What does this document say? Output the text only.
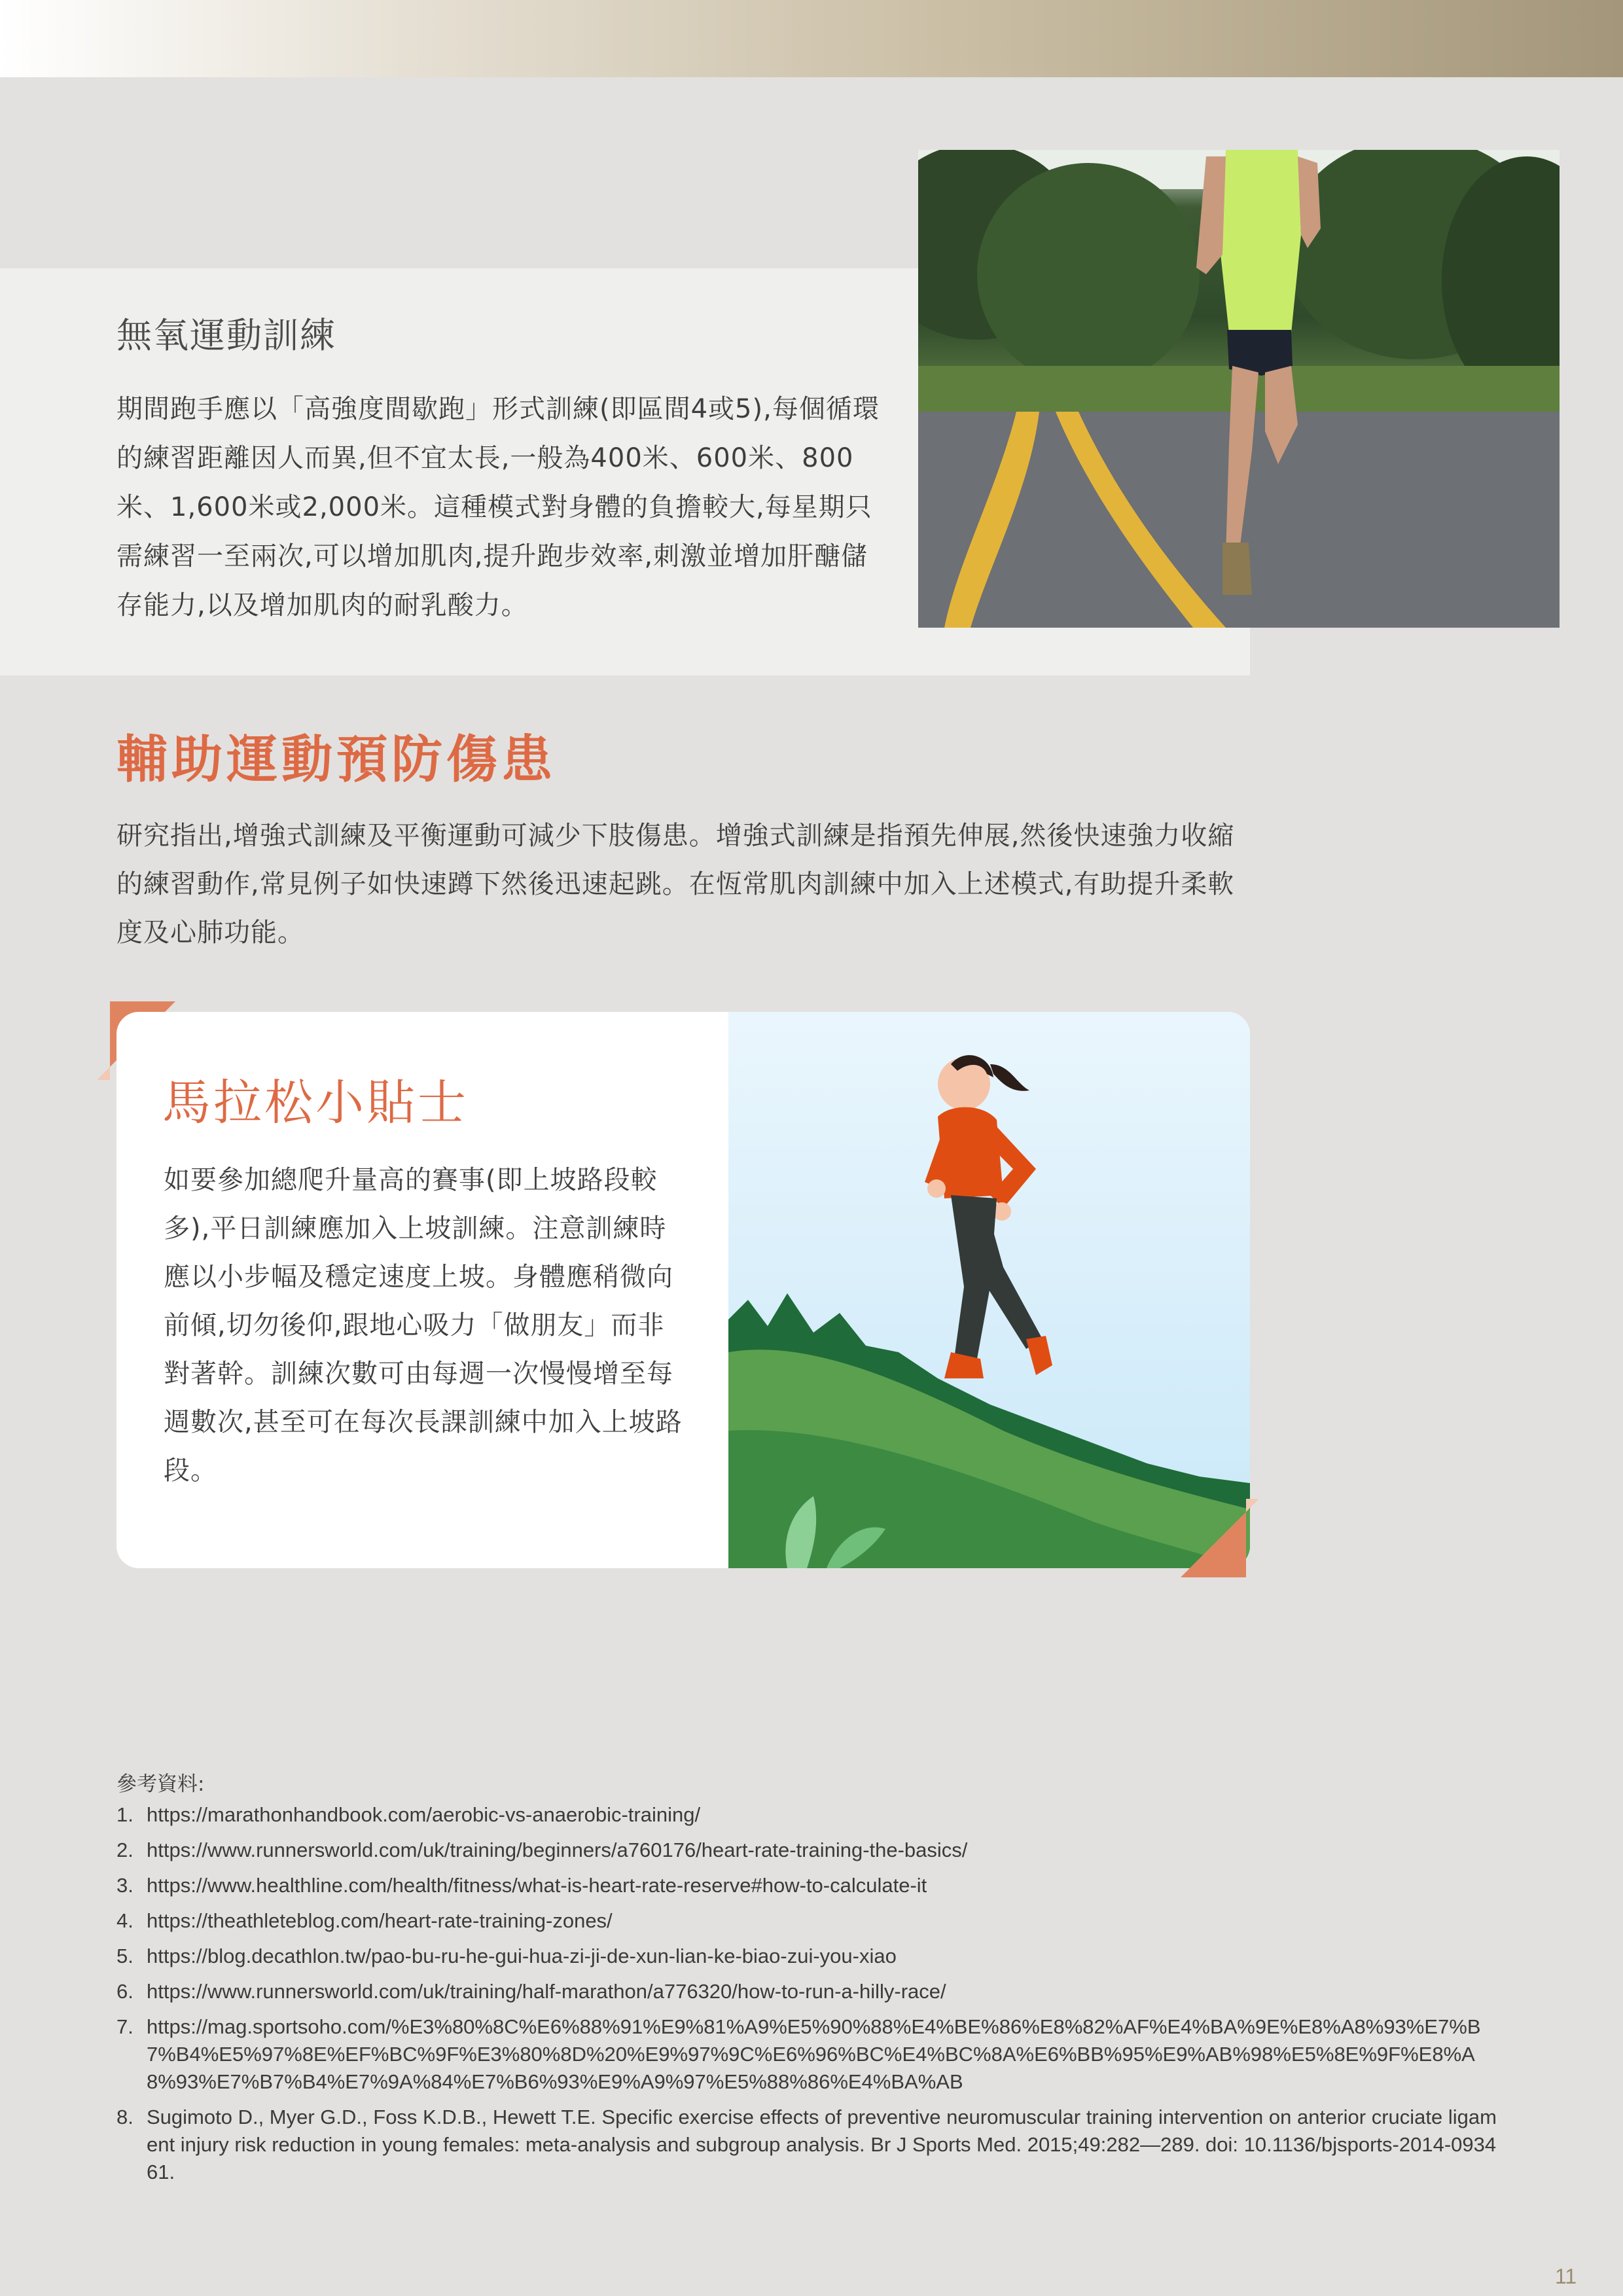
無氧運動訓練

期間跑手應以「高強度間歇跑」形式訓練(即區間4或5),每個循環的練習距離因人而異,但不宜太長,一般為400米、600米、800米、1,600米或2,000米。這種模式對身體的負擔較大,每星期只需練習一至兩次,可以增加肌肉,提升跑步效率,刺激並增加肝醣儲存能力,以及增加肌肉的耐乳酸力。

輔助運動預防傷患

研究指出,增強式訓練及平衡運動可減少下肢傷患。增強式訓練是指預先伸展,然後快速強力收縮的練習動作,常見例子如快速蹲下然後迅速起跳。在恆常肌肉訓練中加入上述模式,有助提升柔軟度及心肺功能。

馬拉松小貼士

如要參加總爬升量高的賽事(即上坡路段較多),平日訓練應加入上坡訓練。注意訓練時應以小步幅及穩定速度上坡。身體應稍微向前傾,切勿後仰,跟地心吸力「做朋友」而非對著幹。訓練次數可由每週一次慢慢增至每週數次,甚至可在每次長課訓練中加入上坡路段。

參考資料:

1. https://marathonhandbook.com/aerobic-vs-anaerobic-training/
2. https://www.runnersworld.com/uk/training/beginners/a760176/heart-rate-training-the-basics/
3. https://www.healthline.com/health/fitness/what-is-heart-rate-reserve#how-to-calculate-it
4. https://theathleteblog.com/heart-rate-training-zones/
5. https://blog.decathlon.tw/pao-bu-ru-he-gui-hua-zi-ji-de-xun-lian-ke-biao-zui-you-xiao
6. https://www.runnersworld.com/uk/training/half-marathon/a776320/how-to-run-a-hilly-race/
7. https://mag.sportsoho.com/%E3%80%8C%E6%88%91%E9%81%A9%E5%90%88%E4%BE%86%E8%82%AF%E4%BA%9E%E8%A8%93%E7%B7%B4%E5%97%8E%EF%BC%9F%E3%80%8D%20%E9%97%9C%E6%96%BC%E4%BC%8A%E6%BB%95%E9%AB%98%E5%8E%9F%E8%A8%93%E7%B7%B4%E7%9A%84%E7%B6%93%E9%A9%97%E5%88%86%E4%BA%AB
8. Sugimoto D., Myer G.D., Foss K.D.B., Hewett T.E. Specific exercise effects of preventive neuromuscular training intervention on anterior cruciate ligament injury risk reduction in young females: meta-analysis and subgroup analysis. Br J Sports Med. 2015;49:282—289. doi: 10.1136/bjsports-2014-093461.

11
